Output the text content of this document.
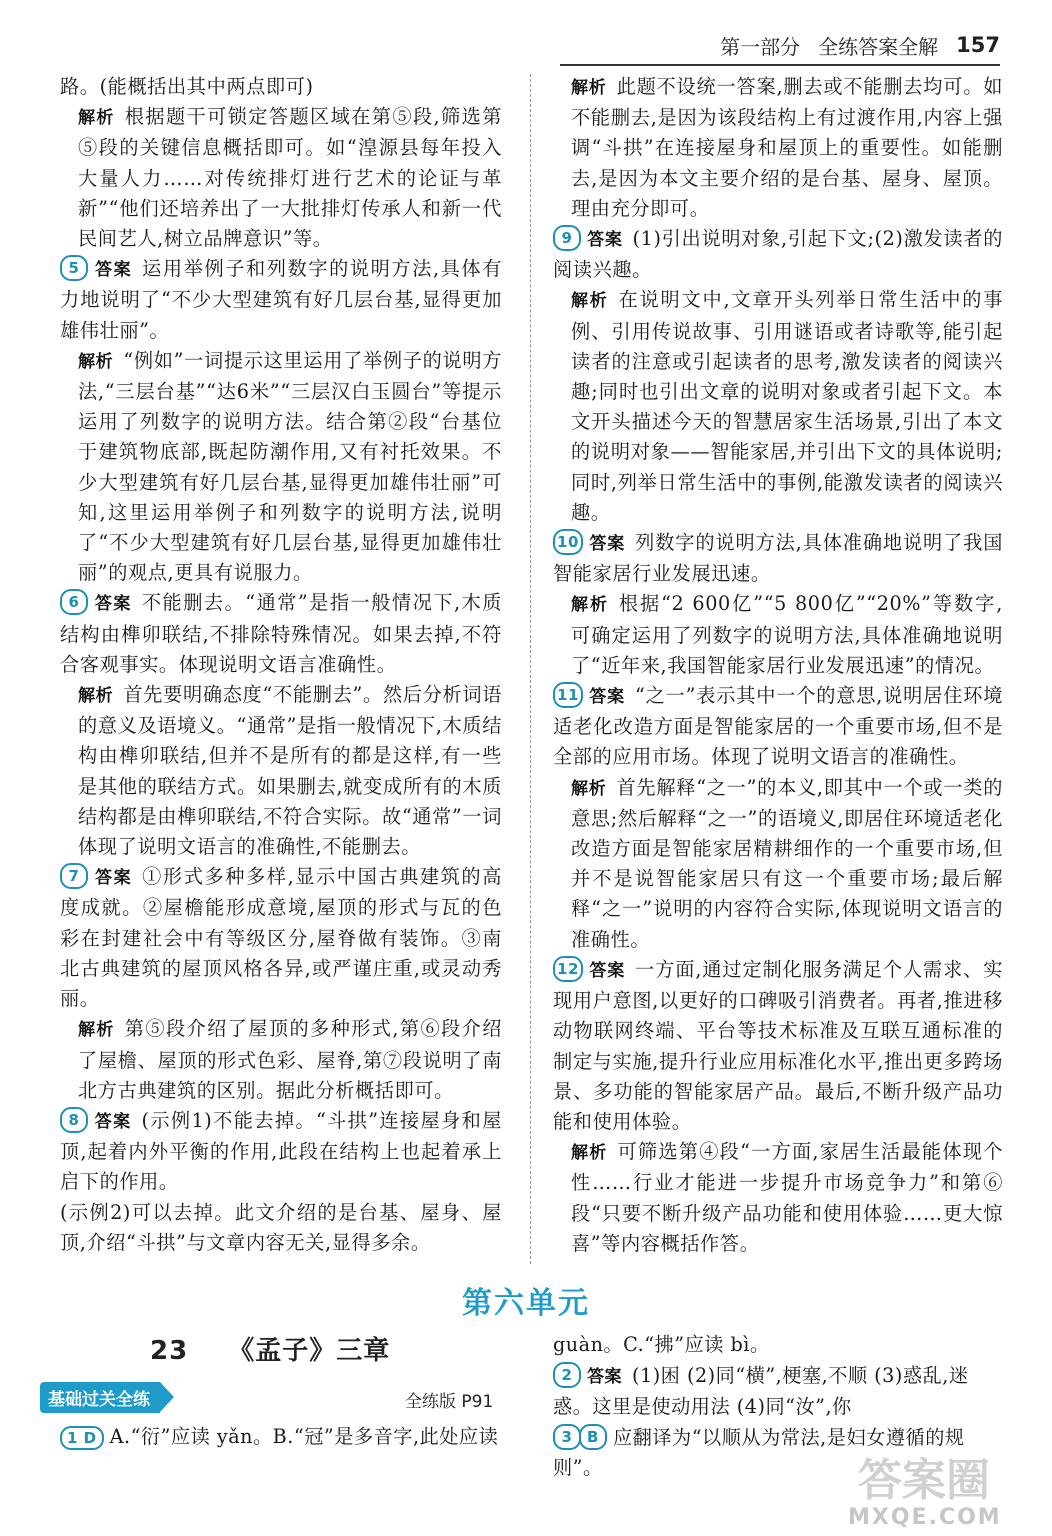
第一部分 全练答案全解 157
路。(能概括出其中两点即可)
解析 根据题干可锁定答题区域在第⑤段,筛选第⑤段的关键信息概括即可。如“湟源县每年投入大量人力……对传统排灯进行艺术的论证与革新”“他们还培养出了一大批排灯传承人和新一代民间艺人,树立品牌意识”等。
5 答案 运用举例子和列数字的说明方法,具体有力地说明了“不少大型建筑有好几层台基,显得更加雄伟壮丽”。
解析 “例如”一词提示这里运用了举例子的说明方法,“三层台基”“达6米”“三层汉白玉圆台”等提示运用了列数字的说明方法。结合第②段“台基位于建筑物底部,既起防潮作用,又有衬托效果。不少大型建筑有好几层台基,显得更加雄伟壮丽”可知,这里运用举例子和列数字的说明方法,说明了“不少大型建筑有好几层台基,显得更加雄伟壮丽”的观点,更具有说服力。
6 答案 不能删去。“通常”是指一般情况下,木质结构由榫卯联结,不排除特殊情况。如果去掉,不符合客观事实。体现说明文语言准确性。
解析 首先要明确态度“不能删去”。然后分析词语的意义及语境义。“通常”是指一般情况下,木质结构由榫卯联结,但并不是所有的都是这样,有一些是其他的联结方式。如果删去,就变成所有的木质结构都是由榫卯联结,不符合实际。故“通常”一词体现了说明文语言的准确性,不能删去。
7 答案 ①形式多种多样,显示中国古典建筑的高度成就。②屋檐能形成意境,屋顶的形式与瓦的色彩在封建社会中有等级区分,屋脊做有装饰。③南北古典建筑的屋顶风格各异,或严谨庄重,或灵动秀丽。
解析 第⑤段介绍了屋顶的多种形式,第⑥段介绍了屋檐、屋顶的形式色彩、屋脊,第⑦段说明了南北方古典建筑的区别。据此分析概括即可。
8 答案 (示例1)不能去掉。“斗拱”连接屋身和屋顶,起着内外平衡的作用,此段在结构上也起着承上启下的作用。
(示例2)可以去掉。此文介绍的是台基、屋身、屋顶,介绍“斗拱”与文章内容无关,显得多余。
解析 此题不设统一答案,删去或不能删去均可。如不能删去,是因为该段结构上有过渡作用,内容上强调“斗拱”在连接屋身和屋顶上的重要性。如能删去,是因为本文主要介绍的是台基、屋身、屋顶。理由充分即可。
9 答案 (1)引出说明对象,引起下文;(2)激发读者的阅读兴趣。
解析 在说明文中,文章开头列举日常生活中的事例、引用传说故事、引用谜语或者诗歌等,能引起读者的注意或引起读者的思考,激发读者的阅读兴趣;同时也引出文章的说明对象或者引起下文。本文开头描述今天的智慧居家生活场景,引出了本文的说明对象——智能家居,并引出下文的具体说明;同时,列举日常生活中的事例,能激发读者的阅读兴趣。
10 答案 列数字的说明方法,具体准确地说明了我国智能家居行业发展迅速。
解析 根据“2 600亿”“5 800亿”“20%”等数字,可确定运用了列数字的说明方法,具体准确地说明了“近年来,我国智能家居行业发展迅速”的情况。
11 答案 “之一”表示其中一个的意思,说明居住环境适老化改造方面是智能家居的一个重要市场,但不是全部的应用市场。体现了说明文语言的准确性。
解析 首先解释“之一”的本义,即其中一个或一类的意思;然后解释“之一”的语境义,即居住环境适老化改造方面是智能家居精耕细作的一个重要市场,但并不是说智能家居只有这一个重要市场;最后解释“之一”说明的内容符合实际,体现说明文语言的准确性。
12 答案 一方面,通过定制化服务满足个人需求、实现用户意图,以更好的口碑吸引消费者。再者,推进移动物联网终端、平台等技术标准及互联互通标准的制定与实施,提升行业应用标准化水平,推出更多跨场景、多功能的智能家居产品。最后,不断升级产品功能和使用体验。
解析 可筛选第④段“一方面,家居生活最能体现个性……行业才能进一步提升市场竞争力”和第⑥段“只要不断升级产品功能和使用体验……更大惊喜”等内容概括作答。
第六单元
23 《孟子》三章
基础过关全练	全练版 P91
1 D A.“衍”应读 yǎn。B.“冠”是多音字,此处应读
guàn。C.“拂”应读 bì。
2 答案 (1)困 (2)同“横”,梗塞,不顺 (3)惑乱,迷惑。这里是使动用法 (4)同“汝”,你
3 B 应翻译为“以顺从为常法,是妇女遵循的规则”。	答案圈
MXQE.COM
